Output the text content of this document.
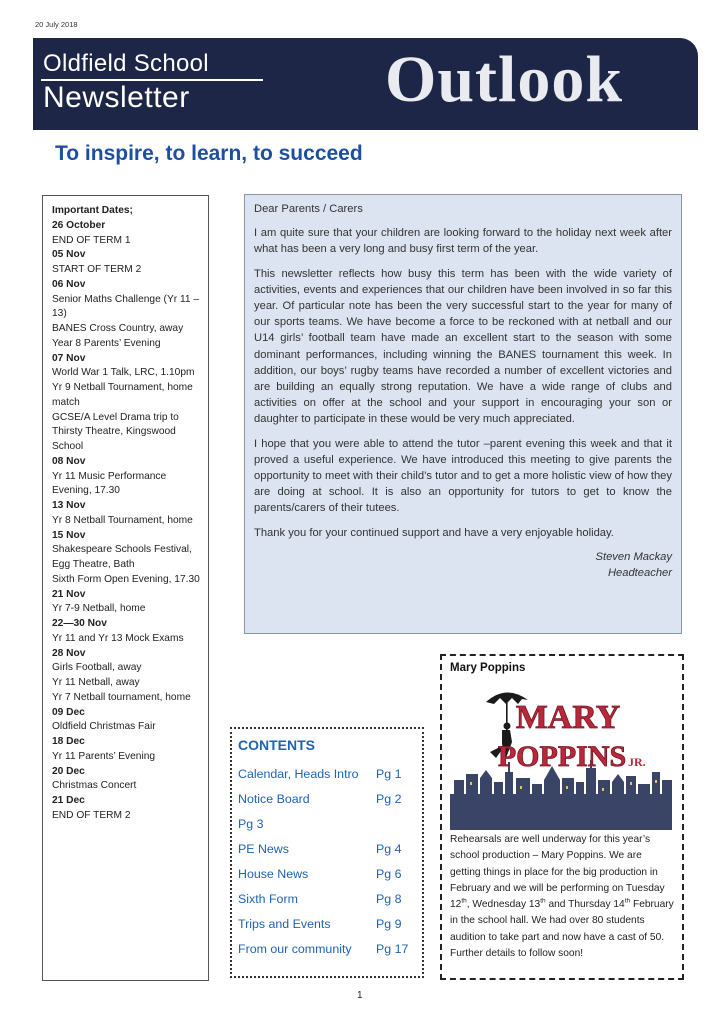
20 July 2018
Oldfield School
Newsletter	Outlook
To inspire, to learn, to succeed
Important Dates;
26 October
END OF TERM 1
05 Nov
START OF TERM 2
06 Nov
Senior Maths Challenge (Yr 11 –13)
BANES Cross Country, away
Year 8 Parents’ Evening
07 Nov
World War 1 Talk, LRC, 1.10pm
Yr 9 Netball Tournament, home match
GCSE/A Level Drama trip to Thirsty Theatre, Kingswood School
08 Nov
Yr 11 Music Performance Evening, 17.30
13 Nov
Yr 8 Netball Tournament, home
15 Nov
Shakespeare Schools Festival, Egg Theatre, Bath
Sixth Form Open Evening, 17.30
21 Nov
Yr 7-9 Netball, home
22—30 Nov
Yr 11 and Yr 13 Mock Exams
28 Nov
Girls Football, away
Yr 11 Netball, away
Yr 7 Netball tournament, home
09 Dec
Oldfield Christmas Fair
18 Dec
Yr 11 Parents’ Evening
20 Dec
Christmas Concert
21 Dec
END OF TERM 2

Dear Parents / Carers

I am quite sure that your children are looking forward to the holiday next week after what has been a very long and busy first term of the year.

This newsletter reflects how busy this term has been with the wide variety of activities, events and experiences that our children have been involved in so far this year. Of particular note has been the very successful start to the year for many of our sports teams. We have become a force to be reckoned with at netball and our U14 girls’ football team have made an excellent start to the season with some dominant performances, including winning the BANES tournament this week. In addition, our boys’ rugby teams have recorded a number of excellent victories and are building an equally strong reputation. We have a wide range of clubs and activities on offer at the school and your support in encouraging your son or daughter to participate in these would be very much appreciated.

I hope that you were able to attend the tutor –parent evening this week and that it proved a useful experience. We have introduced this meeting to give parents the opportunity to meet with their child’s tutor and to get a more holistic view of how they are doing at school. It is also an opportunity for tutors to get to know the parents/carers of their tutees.

Thank you for your continued support and have a very enjoyable holiday.

Steven Mackay

Headteacher

CONTENTS
Calendar, Heads Intro Pg 1
Notice Board	Pg 2
Pg 3
PE News	Pg 4
House News	Pg 6
Sixth Form	Pg 8
Trips and Events	Pg 9
From our community Pg 17
Mary Poppins
MARY
POPPINS JR.
Rehearsals are well underway for this year’s school production – Mary Poppins. We are getting things in place for the big production in February and we will be performing on Tuesday 12th, Wednesday 13th and Thursday 14th February in the school hall. We had over 80 students audition to take part and now have a cast of 50. Further details to follow soon!
1
